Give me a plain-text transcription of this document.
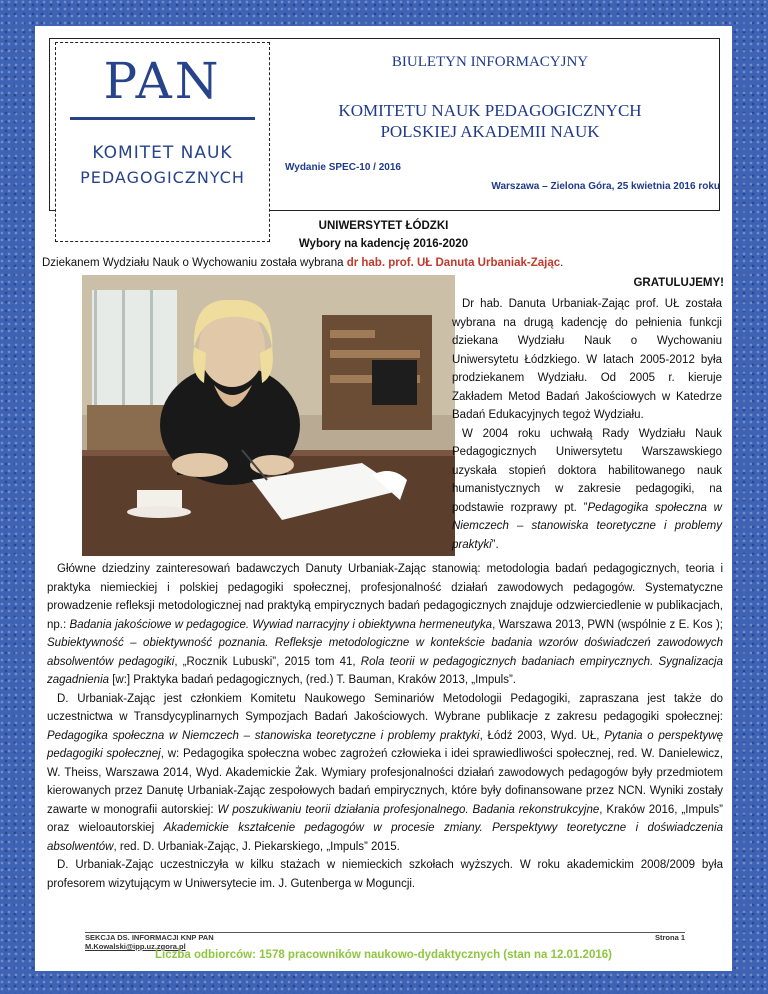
PAN
KOMITET NAUK
PEDAGOGICZNYCH
BIULETYN INFORMACYJNY
KOMITETU NAUK PEDAGOGICZNYCH
POLSKIEJ AKADEMII NAUK
Wydanie SPEC-10 / 2016
Warszawa – Zielona Góra, 25 kwietnia 2016 roku
UNIWERSYTET ŁÓDZKI
Wybory na kadencję 2016-2020
Dziekanem Wydziału Nauk o Wychowaniu została wybrana dr hab. prof. UŁ Danuta Urbaniak-Zając.
GRATULUJEMY!

Dr hab. Danuta Urbaniak-Zając prof. UŁ została wybrana na drugą kadencję do pełnienia funkcji dziekana Wydziału Nauk o Wychowaniu Uniwersytetu Łódzkiego. W latach 2005-2012 była prodziekanem Wydziału. Od 2005 r. kieruje Zakładem Metod Badań Jakościowych w Katedrze Badań Edukacyjnych tegoż Wydziału.

W 2004 roku uchwałą Rady Wydziału Nauk Pedagogicznych Uniwersytetu Warszawskiego uzyskała stopień doktora habilitowanego nauk humanistycznych w zakresie pedagogiki, na podstawie rozprawy pt. ”Pedagogika społeczna w Niemczech – stanowiska teoretyczne i problemy praktyki”.

Główne dziedziny zainteresowań badawczych Danuty Urbaniak-Zając stanowią: metodologia badań pedagogicznych, teoria i praktyka niemieckiej i polskiej pedagogiki społecznej, profesjonalność działań zawodowych pedagogów. Systematyczne prowadzenie refleksji metodologicznej nad praktyką empirycznych badań pedagogicznych znajduje odzwierciedlenie w publikacjach, np.: Badania jakościowe w pedagogice. Wywiad narracyjny i obiektywna hermeneutyka, Warszawa 2013, PWN (wspólnie z E. Kos ); Subiektywność – obiektywność poznania. Refleksje metodologiczne w kontekście badania wzorów doświadczeń zawodowych absolwentów pedagogiki, „Rocznik Lubuski”, 2015 tom 41, Rola teorii w pedagogicznych badaniach empirycznych. Sygnalizacja zagadnienia [w:] Praktyka badań pedagogicznych, (red.) T. Bauman, Kraków 2013, „Impuls”.

D. Urbaniak-Zając jest członkiem Komitetu Naukowego Seminariów Metodologii Pedagogiki, zapraszana jest także do uczestnictwa w Transdycyplinarnych Sympozjach Badań Jakościowych. Wybrane publikacje z zakresu pedagogiki społecznej: Pedagogika społeczna w Niemczech – stanowiska teoretyczne i problemy praktyki, Łódź 2003, Wyd. UŁ, Pytania o perspektywę pedagogiki społecznej, w: Pedagogika społeczna wobec zagrożeń człowieka i idei sprawiedliwości społecznej, red. W. Danielewicz, W. Theiss, Warszawa 2014, Wyd. Akademickie Żak. Wymiary profesjonalności działań zawodowych pedagogów były przedmiotem kierowanych przez Danutę Urbaniak-Zając zespołowych badań empirycznych, które były dofinansowane przez NCN. Wyniki zostały zawarte w monografii autorskiej: W poszukiwaniu teorii działania profesjonalnego. Badania rekonstrukcyjne, Kraków 2016, „Impuls” oraz wieloautorskiej Akademickie kształcenie pedagogów w procesie zmiany. Perspektywy teoretyczne i doświadczenia absolwentów, red. D. Urbaniak-Zając, J. Piekarskiego, „Impuls” 2015.

D. Urbaniak-Zając uczestniczyła w kilku stażach w niemieckich szkołach wyższych. W roku akademickim 2008/2009 była profesorem wizytującym w Uniwersytecie im. J. Gutenberga w Moguncji.

SEKCJA DS. INFORMACJI KNP PAN
M.Kowalski@ipp.uz.zgora.pl
Strona 1
Liczba odbiorców: 1578 pracowników naukowo-dydaktycznych (stan na 12.01.2016)
